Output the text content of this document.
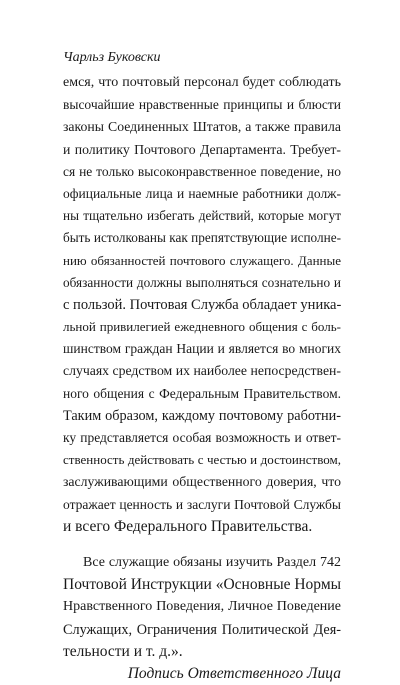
Чарльз Буковски
емся, что почтовый персонал будет соблюдать
высочайшие нравственные принципы и блюсти
законы Соединенных Штатов, а также правила
и политику Почтового Департамента. Требует-
ся не только высоконравственное поведение, но
официальные лица и наемные работники долж-
ны тщательно избегать действий, которые могут
быть истолкованы как препятствующие исполне-
нию обязанностей почтового служащего. Данные
обязанности должны выполняться сознательно и
с пользой. Почтовая Служба обладает уника-
льной привилегией ежедневного общения с боль-
шинством граждан Нации и является во многих
случаях средством их наиболее непосредствен-
ного общения с Федеральным Правительством.
Таким образом, каждому почтовому работни-
ку представляется особая возможность и ответ-
ственность действовать с честью и достоинством,
заслуживающими общественного доверия, что
отражает ценность и заслуги Почтовой Службы
и всего Федерального Правительства.
Все служащие обязаны изучить Раздел 742
Почтовой Инструкции «Основные Нормы
Нравственного Поведения, Личное Поведение
Служащих, Ограничения Политической Дея-
тельности и т. д.».
Подпись Ответственного Лица
